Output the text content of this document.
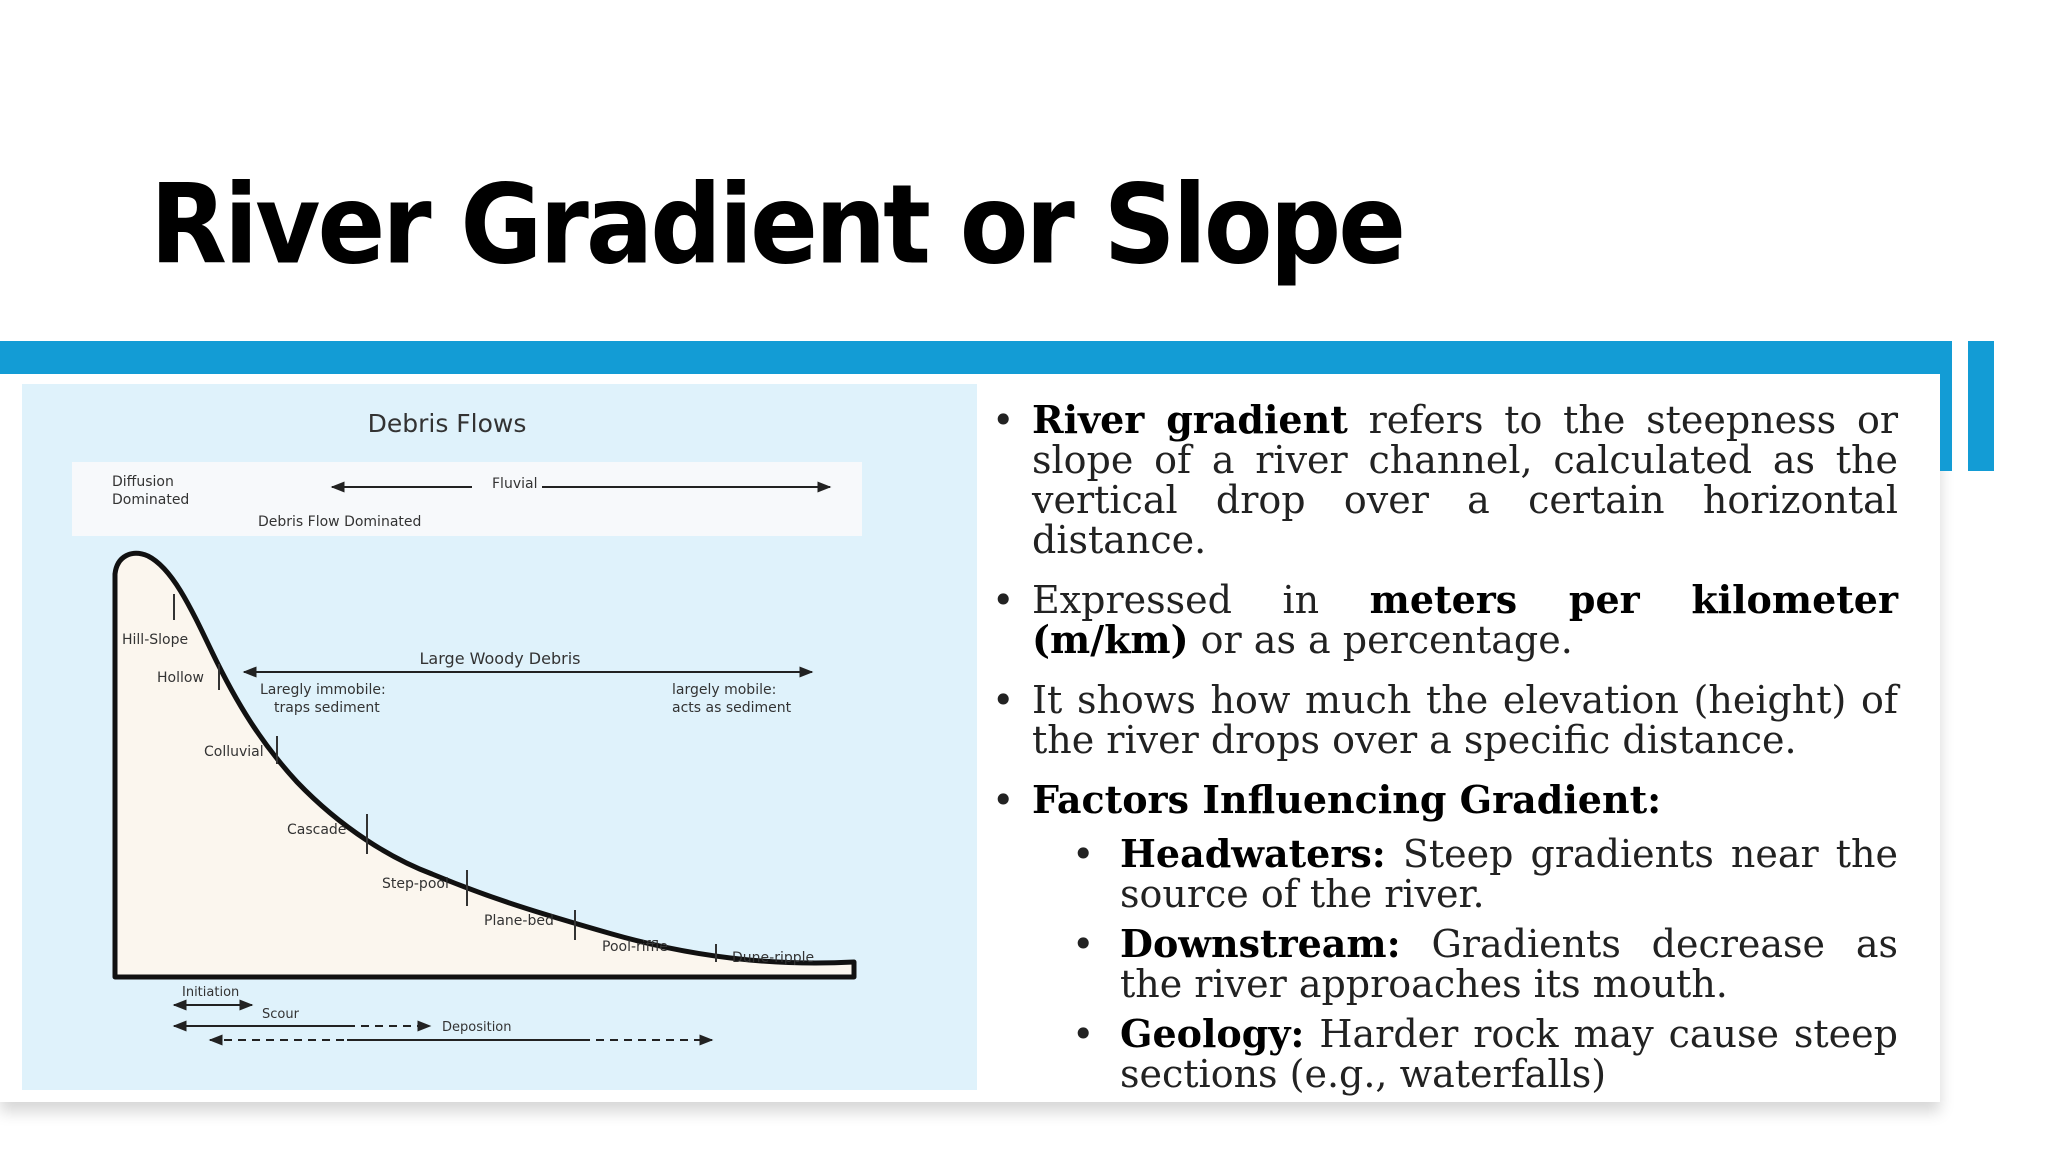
River Gradient or Slope
Debris Flows
Diffusion
Dominated
Fluvial
Debris Flow Dominated
Large Woody Debris
Laregly immobile:
traps sediment
largely mobile:
acts as sediment
Hill-Slope
Hollow
Colluvial
Cascade
Step-pool
Plane-bed
Pool-riffle
Dune-ripple
Initiation
Scour
Deposition

• River gradient refers to the steepness or slope of a river channel, calculated as the vertical drop over a certain horizontal distance.

• Expressed in meters per kilometer (m/km) or as a percentage.

• It shows how much the elevation (height) of the river drops over a specific distance.

• Factors Influencing Gradient:

• Headwaters: Steep gradients near the source of the river.

• Downstream: Gradients decrease as the river approaches its mouth.

• Geology: Harder rock may cause steep sections (e.g., waterfalls)
